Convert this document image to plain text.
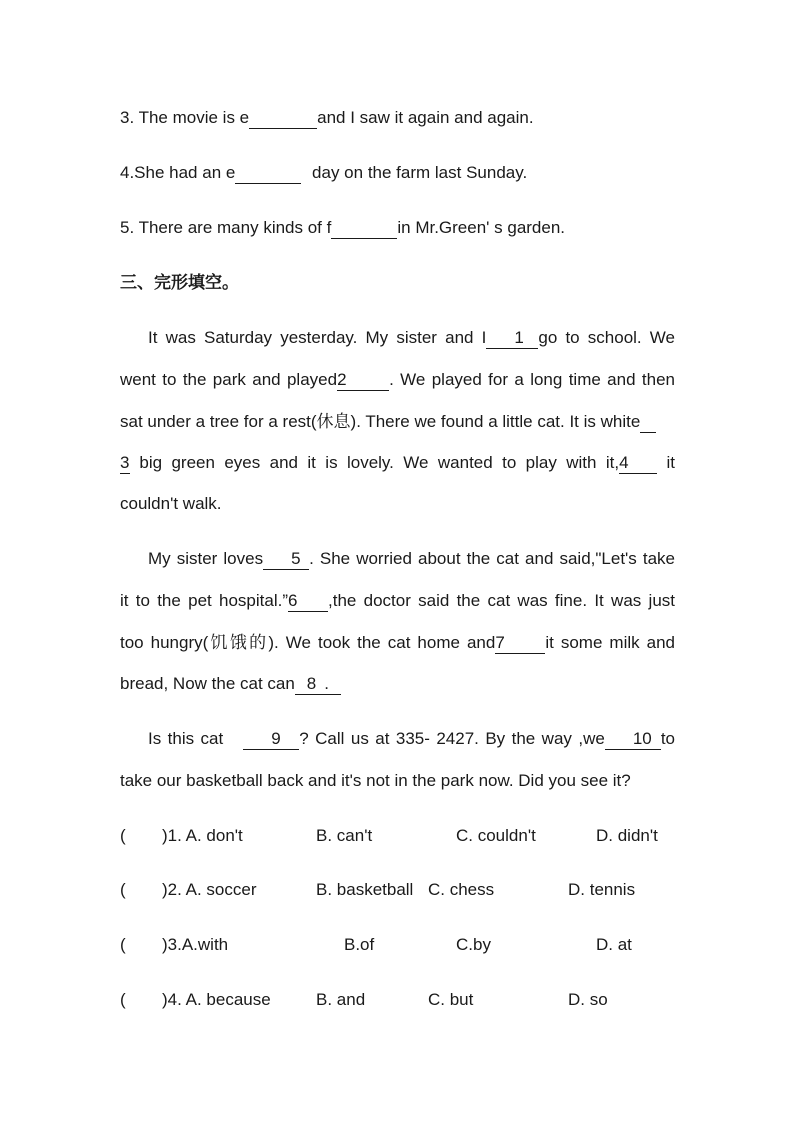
3. The movie is e	and I saw it again and again.
4.She had an e	day on the farm last Sunday.
5. There are many kinds of f	in Mr.Green' s garden.
三、完形填空。
It was Saturday yesterday. My sister and I 1 go to school. We
went to the park and played2	. We played for a long time and then
sat under a tree for a rest(休息). There we found a little cat. It is white
3 big green eyes and it is lovely. We wanted to play with it,4 it
couldn't walk.
My sister loves 5 . She worried about the cat and said,"Let's take
it to the pet hospital.”6 ,the doctor said the cat was fine. It was just
too hungry(饥饿的). We took the cat home and7 it some milk and
bread, Now the cat can 8 .
Is this cat	9 ? Call us at 335- 2427. By the way ,we 10 to
take our basketball back and it's not in the park now. Did you see it?
( )1. A. don't	B. can't	C. couldn't	D. didn't
( )2. A. soccer	B. basketball C. chess	D. tennis
( )3.A.with	B.of	C.by	D. at
( )4. A. because	B. and	C. but	D. so
